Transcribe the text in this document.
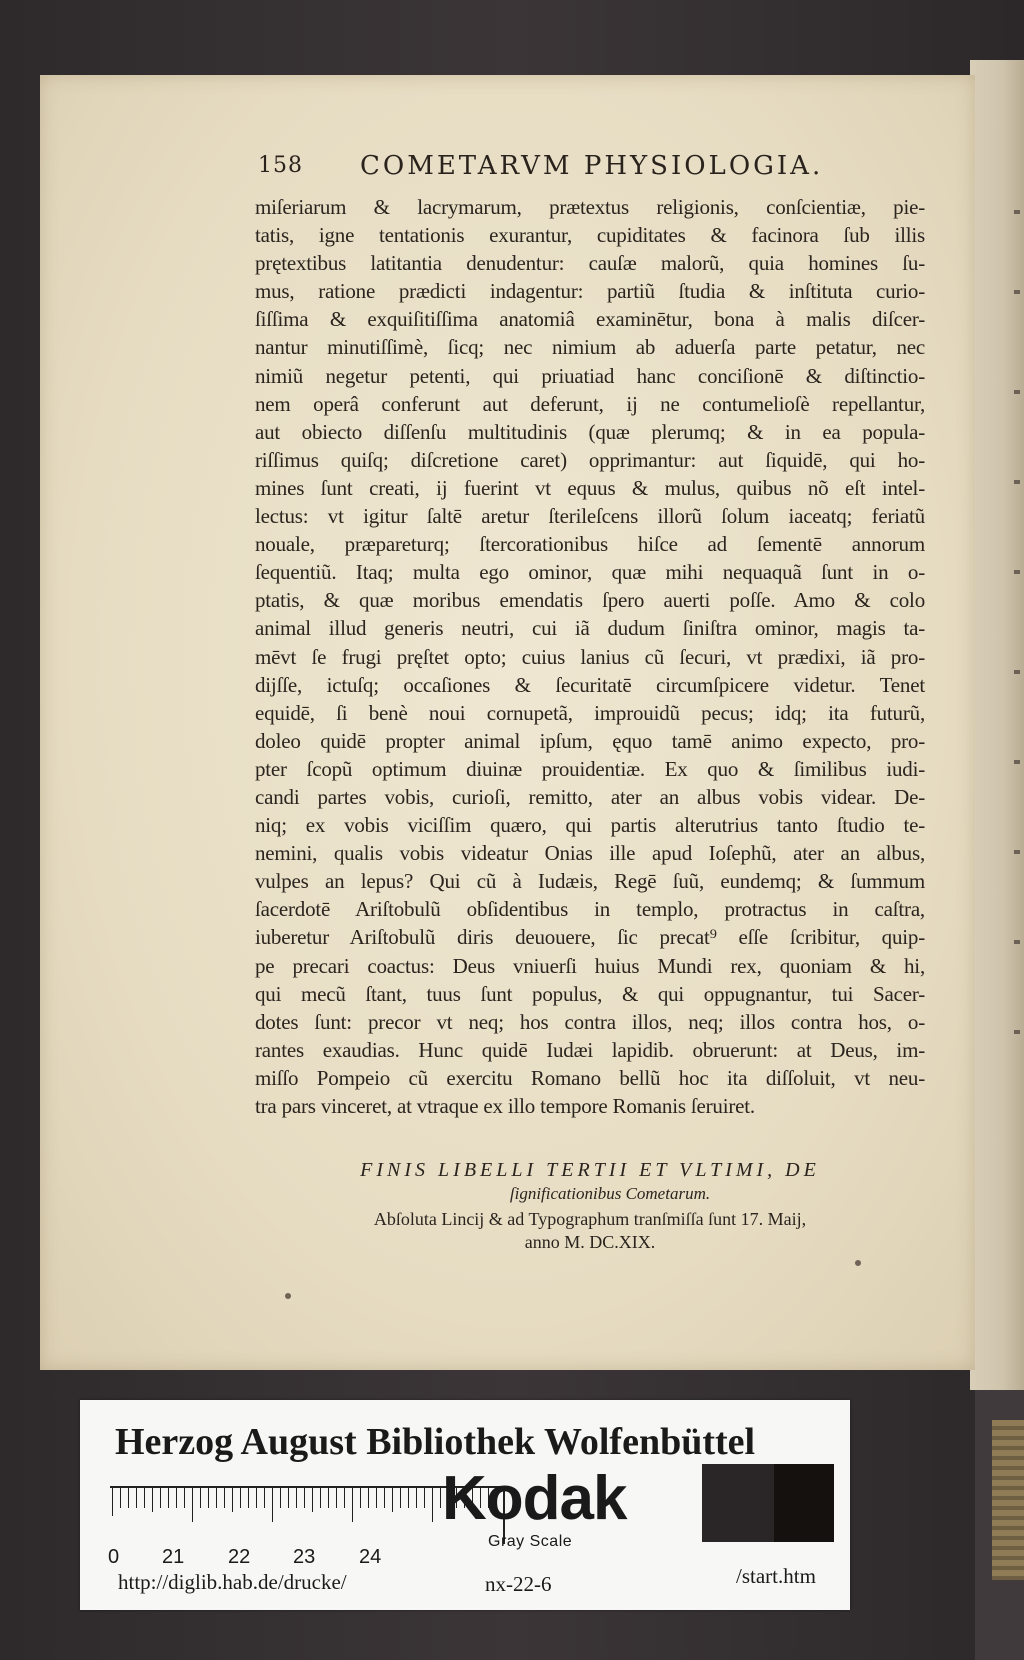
158 COMETARVM PHYSIOLOGIA.
miſeriarum & lacrymarum, prætextus religionis, conſcientiæ, pie-
tatis, igne tentationis exurantur, cupiditates & facinora ſub illis
prętextibus latitantia denudentur: cauſæ malorũ, quia homines ſu-
mus, ratione prædicti indagentur: partiũ ſtudia & inſtituta curio-
ſiſſima & exquiſitiſſima anatomiâ examinētur, bona à malis diſcer-
nantur minutiſſimè, ſicq; nec nimium ab aduerſa parte petatur, nec
nimiũ negetur petenti, qui priuatiad hanc conciſionē & diſtinctio-
nem operâ conferunt aut deferunt, ij ne contumelioſè repellantur,
aut obiecto diſſenſu multitudinis (quæ plerumq; & in ea popula-
riſſimus quiſq; diſcretione caret) opprimantur: aut ſiquidē, qui ho-
mines ſunt creati, ij fuerint vt equus & mulus, quibus nõ eſt intel-
lectus: vt igitur ſaltē aretur ſterileſcens illorũ ſolum iaceatq; feriatũ
nouale, præpareturq; ſtercorationibus hiſce ad ſementē annorum
ſequentiũ. Itaq; multa ego ominor, quæ mihi nequaquã ſunt in o-
ptatis, & quæ moribus emendatis ſpero auerti poſſe. Amo & colo
animal illud generis neutri, cui iã dudum ſiniſtra ominor, magis ta-
mēvt ſe frugi pręſtet opto; cuius lanius cũ ſecuri, vt prædixi, iã pro-
dijſſe, ictuſq; occaſiones & ſecuritatē circumſpicere videtur. Tenet
equidē, ſi benè noui cornupetã, improuidũ pecus; idq; ita futurũ,
doleo quidē propter animal ipſum, ęquo tamē animo expecto, pro-
pter ſcopũ optimum diuinæ prouidentiæ. Ex quo & ſimilibus iudi-
candi partes vobis, curioſi, remitto, ater an albus vobis videar. De-
niq; ex vobis viciſſim quæro, qui partis alterutrius tanto ſtudio te-
nemini, qualis vobis videatur Onias ille apud Ioſephũ, ater an albus,
vulpes an lepus? Qui cũ à Iudæis, Regē ſuũ, eundemq; & ſummum
ſacerdotē Ariſtobulũ obſidentibus in templo, protractus in caſtra,
iuberetur Ariſtobulũ diris deuouere, ſic precat⁹ eſſe ſcribitur, quip-
pe precari coactus: Deus vniuerſi huius Mundi rex, quoniam & hi,
qui mecũ ſtant, tuus ſunt populus, & qui oppugnantur, tui Sacer-
dotes ſunt: precor vt neq; hos contra illos, neq; illos contra hos, o-
rantes exaudias. Hunc quidē Iudæi lapidib. obruerunt: at Deus, im-
miſſo Pompeio cũ exercitu Romano bellũ hoc ita diſſoluit, vt neu-
tra pars vinceret, at vtraque ex illo tempore Romanis ſeruiret.
FINIS LIBELLI TERTII ET VLTIMI, DE
ſignificationibus Cometarum.
Abſoluta Lincij & ad Typographum tranſmiſſa ſunt 17. Maij,
anno M. DC.XIX.
Herzog August Bibliothek Wolfenbüttel
0 21 22 23 24
Kodak
Gray Scale
http://diglib.hab.de/drucke/	nx-22-6	/start.htm
